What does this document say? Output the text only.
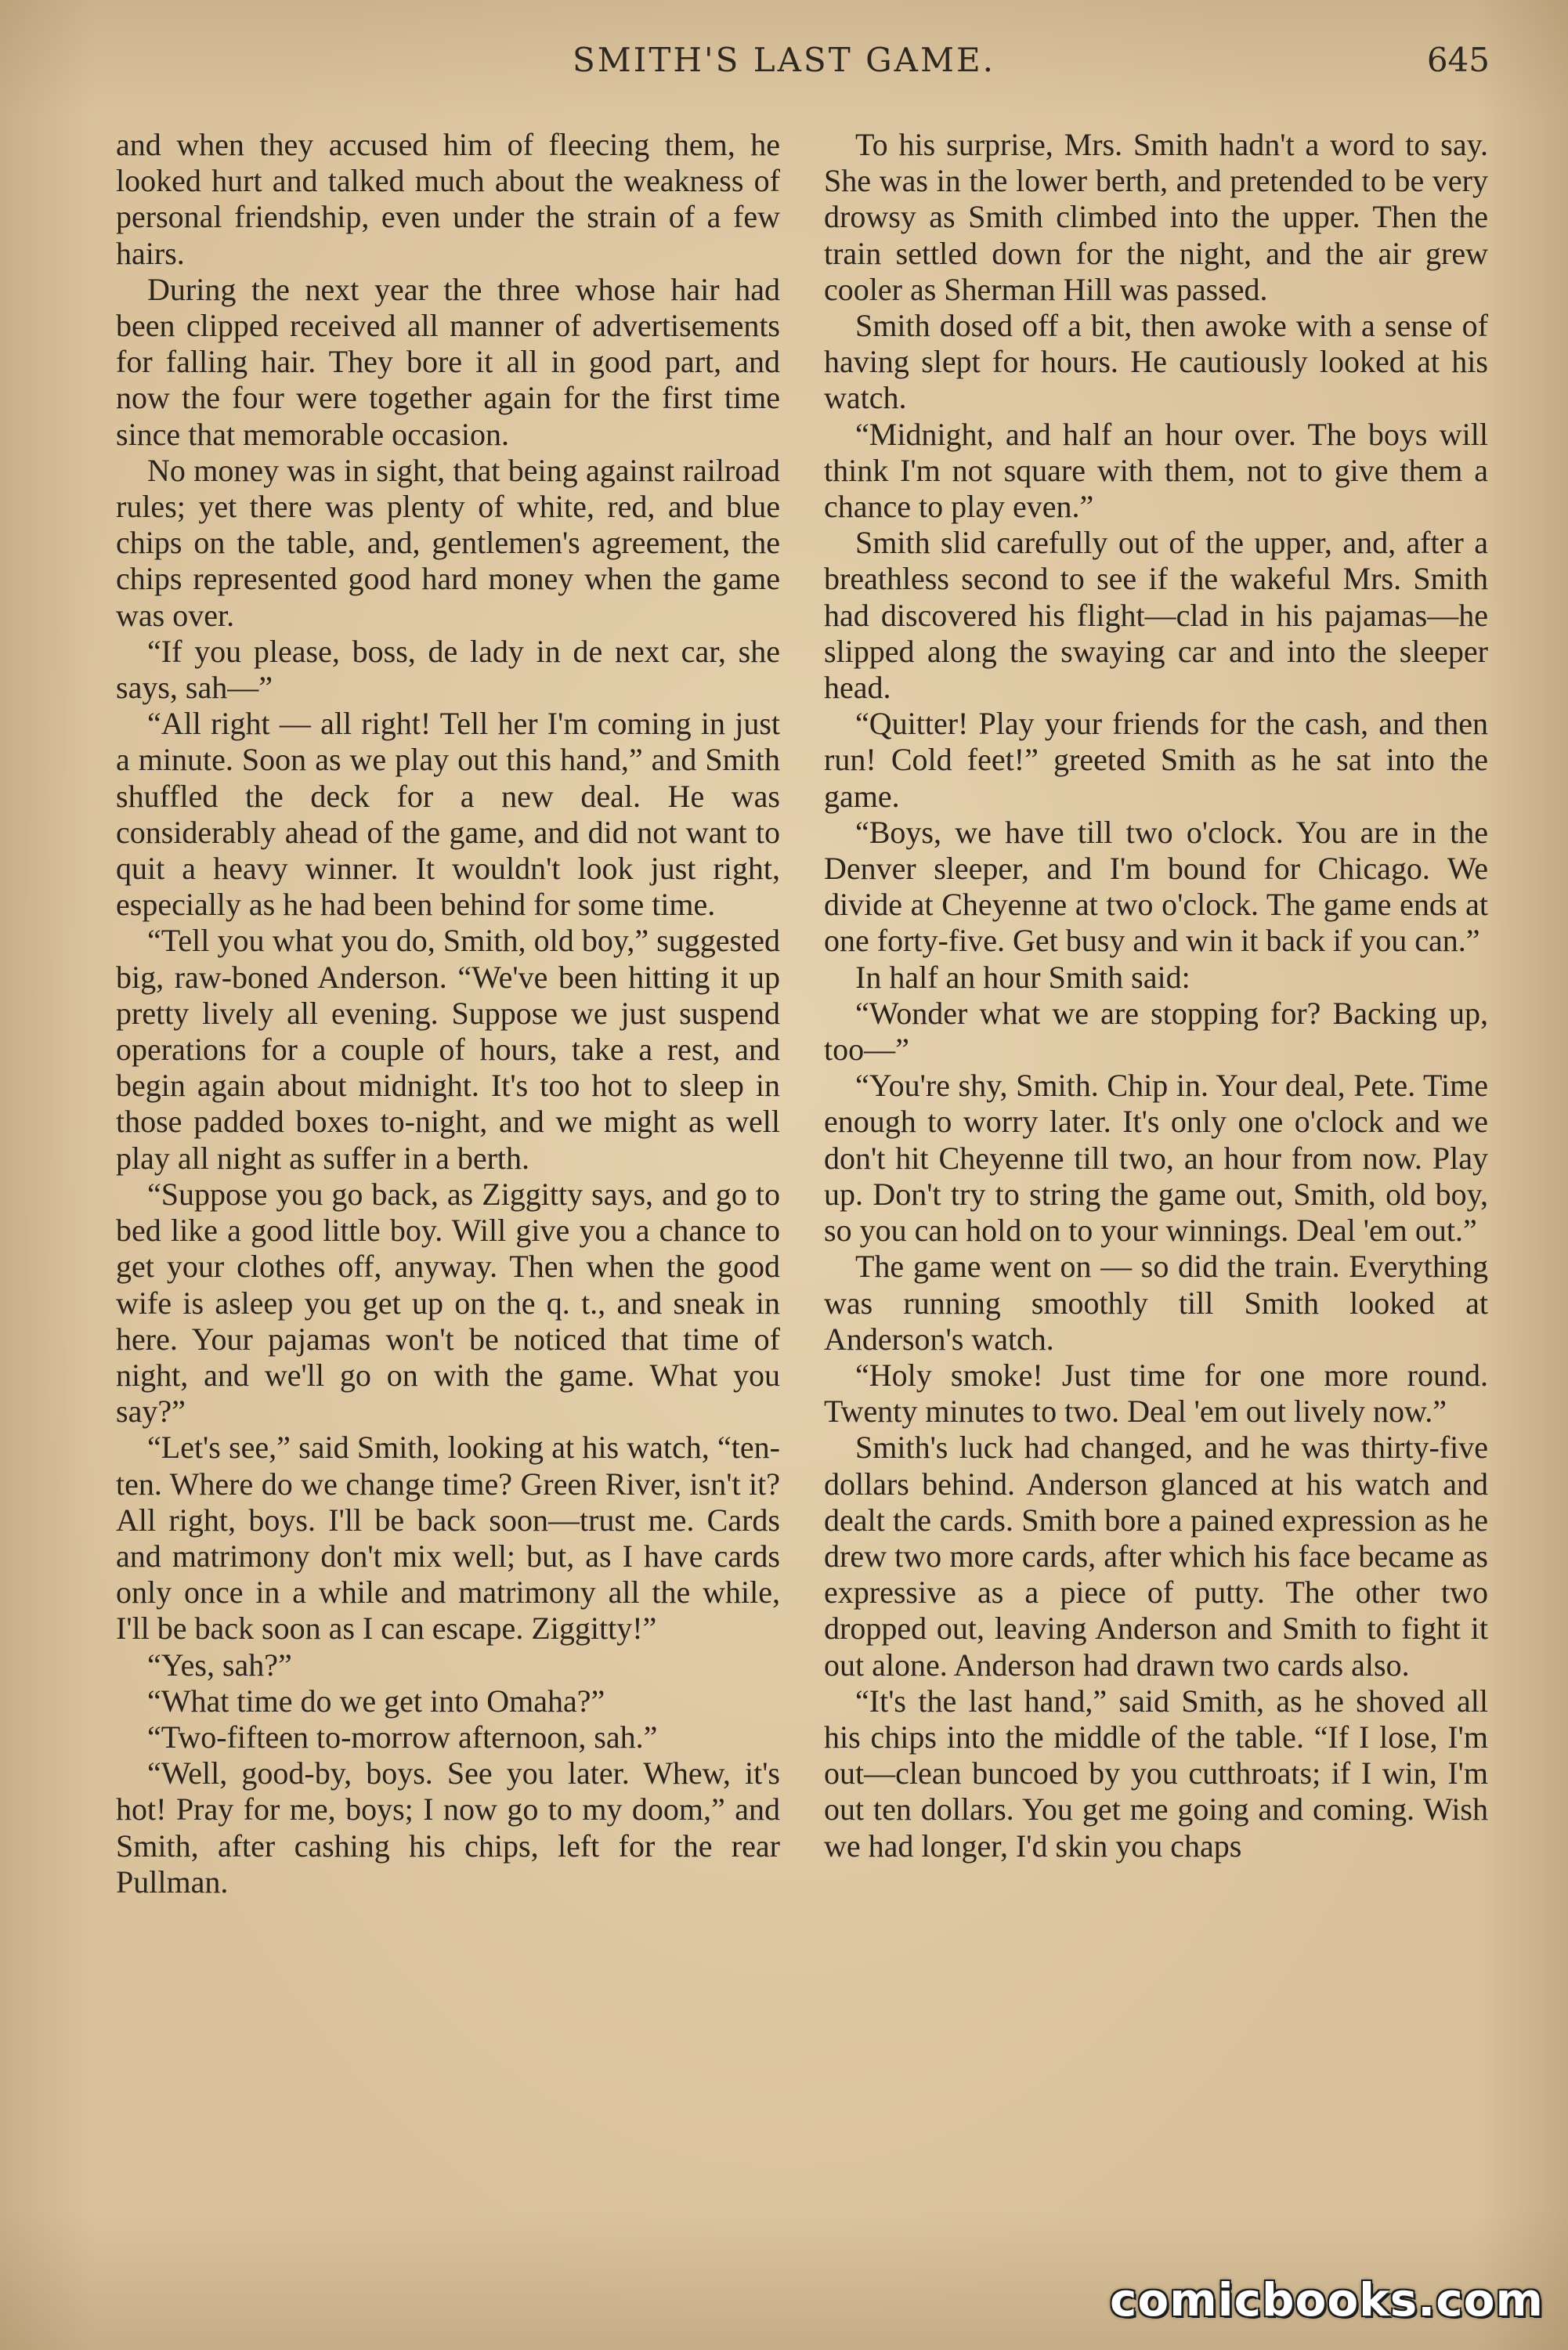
SMITH'S LAST GAME.	645

and when they accused him of fleecing them, he looked hurt and talked much about the weakness of personal friendship, even under the strain of a few hairs.

During the next year the three whose hair had been clipped received all manner of advertisements for falling hair. They bore it all in good part, and now the four were together again for the first time since that memorable occasion.

No money was in sight, that being against railroad rules; yet there was plenty of white, red, and blue chips on the table, and, gentlemen's agreement, the chips represented good hard money when the game was over.

“If you please, boss, de lady in de next car, she says, sah—”

“All right — all right! Tell her I'm coming in just a minute. Soon as we play out this hand,” and Smith shuffled the deck for a new deal. He was considerably ahead of the game, and did not want to quit a heavy winner. It wouldn't look just right, especially as he had been behind for some time.

“Tell you what you do, Smith, old boy,” suggested big, raw-boned Anderson. “We've been hitting it up pretty lively all evening. Suppose we just suspend operations for a couple of hours, take a rest, and begin again about midnight. It's too hot to sleep in those padded boxes to-night, and we might as well play all night as suffer in a berth.

“Suppose you go back, as Ziggitty says, and go to bed like a good little boy. Will give you a chance to get your clothes off, anyway. Then when the good wife is asleep you get up on the q. t., and sneak in here. Your pajamas won't be noticed that time of night, and we'll go on with the game. What you say?”

“Let's see,” said Smith, looking at his watch, “ten-ten. Where do we change time? Green River, isn't it? All right, boys. I'll be back soon—trust me. Cards and matrimony don't mix well; but, as I have cards only once in a while and matrimony all the while, I'll be back soon as I can escape. Ziggitty!”

“Yes, sah?”

“What time do we get into Omaha?”

“Two-fifteen to-morrow afternoon, sah.”

“Well, good-by, boys. See you later. Whew, it's hot! Pray for me, boys; I now go to my doom,” and Smith, after cashing his chips, left for the rear Pullman.

To his surprise, Mrs. Smith hadn't a word to say. She was in the lower berth, and pretended to be very drowsy as Smith climbed into the upper. Then the train settled down for the night, and the air grew cooler as Sherman Hill was passed.

Smith dosed off a bit, then awoke with a sense of having slept for hours. He cautiously looked at his watch.

“Midnight, and half an hour over. The boys will think I'm not square with them, not to give them a chance to play even.”

Smith slid carefully out of the upper, and, after a breathless second to see if the wakeful Mrs. Smith had discovered his flight—clad in his pajamas—he slipped along the swaying car and into the sleeper head.

“Quitter! Play your friends for the cash, and then run! Cold feet!” greeted Smith as he sat into the game.

“Boys, we have till two o'clock. You are in the Denver sleeper, and I'm bound for Chicago. We divide at Cheyenne at two o'clock. The game ends at one forty-five. Get busy and win it back if you can.”

In half an hour Smith said:

“Wonder what we are stopping for? Backing up, too—”

“You're shy, Smith. Chip in. Your deal, Pete. Time enough to worry later. It's only one o'clock and we don't hit Cheyenne till two, an hour from now. Play up. Don't try to string the game out, Smith, old boy, so you can hold on to your winnings. Deal 'em out.”

The game went on — so did the train. Everything was running smoothly till Smith looked at Anderson's watch.

“Holy smoke! Just time for one more round. Twenty minutes to two. Deal 'em out lively now.”

Smith's luck had changed, and he was thirty-five dollars behind. Anderson glanced at his watch and dealt the cards. Smith bore a pained expression as he drew two more cards, after which his face became as expressive as a piece of putty. The other two dropped out, leaving Anderson and Smith to fight it out alone. Anderson had drawn two cards also.

“It's the last hand,” said Smith, as he shoved all his chips into the middle of the table. “If I lose, I'm out—clean buncoed by you cutthroats; if I win, I'm out ten dollars. You get me going and coming. Wish we had longer, I'd skin you chaps

comicbooks.com
